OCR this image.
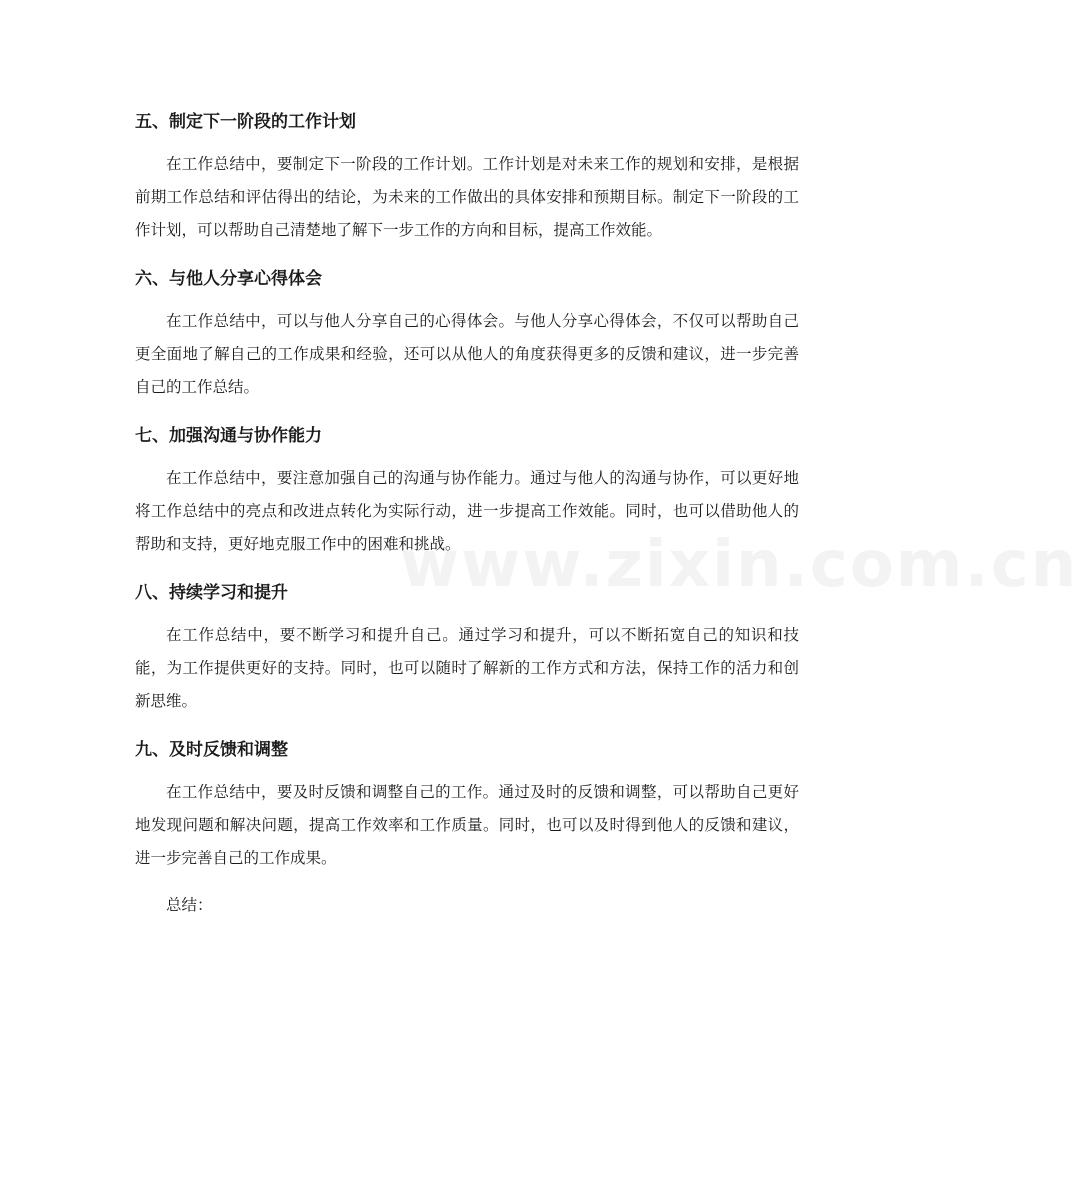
www.zixin.com.cn
五、制定下一阶段的工作计划

在工作总结中，要制定下一阶段的工作计划。工作计划是对未来工作的规划和安排，是根据前期工作总结和评估得出的结论，为未来的工作做出的具体安排和预期目标。制定下一阶段的工作计划，可以帮助自己清楚地了解下一步工作的方向和目标，提高工作效能。

六、与他人分享心得体会

在工作总结中，可以与他人分享自己的心得体会。与他人分享心得体会，不仅可以帮助自己更全面地了解自己的工作成果和经验，还可以从他人的角度获得更多的反馈和建议，进一步完善自己的工作总结。

七、加强沟通与协作能力

在工作总结中，要注意加强自己的沟通与协作能力。通过与他人的沟通与协作，可以更好地将工作总结中的亮点和改进点转化为实际行动，进一步提高工作效能。同时，也可以借助他人的帮助和支持，更好地克服工作中的困难和挑战。

八、持续学习和提升

在工作总结中，要不断学习和提升自己。通过学习和提升，可以不断拓宽自己的知识和技能，为工作提供更好的支持。同时，也可以随时了解新的工作方式和方法，保持工作的活力和创新思维。

九、及时反馈和调整

在工作总结中，要及时反馈和调整自己的工作。通过及时的反馈和调整，可以帮助自己更好地发现问题和解决问题，提高工作效率和工作质量。同时，也可以及时得到他人的反馈和建议，进一步完善自己的工作成果。

总结：
